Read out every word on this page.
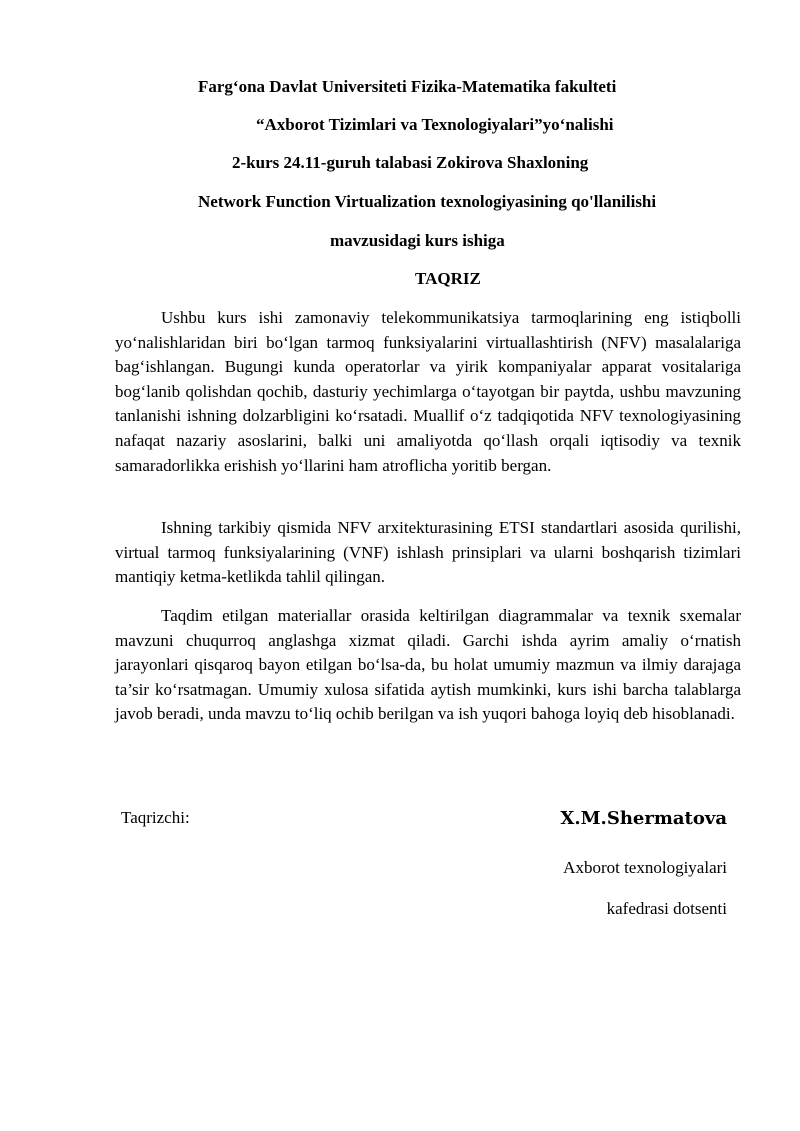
Farg‘ona Davlat Universiteti Fizika-Matematika fakulteti
“Axborot Tizimlari va Texnologiyalari”yo‘nalishi
2-kurs 24.11-guruh talabasi Zokirova Shaxloning
Network Function Virtualization texnologiyasining qo'llanilishi
mavzusidagi kurs ishiga
TAQRIZ

Ushbu kurs ishi zamonaviy telekommunikatsiya tarmoqlarining eng istiqbolli yo‘nalishlaridan biri bo‘lgan tarmoq funksiyalarini virtuallashtirish (NFV) masalalariga bag‘ishlangan. Bugungi kunda operatorlar va yirik kompaniyalar apparat vositalariga bog‘lanib qolishdan qochib, dasturiy yechimlarga o‘tayotgan bir paytda, ushbu mavzuning tanlanishi ishning dolzarbligini ko‘rsatadi. Muallif o‘z tadqiqotida NFV texnologiyasining nafaqat nazariy asoslarini, balki uni amaliyotda qo‘llash orqali iqtisodiy va texnik samaradorlikka erishish yo‘llarini ham atroflicha yoritib bergan.

Ishning tarkibiy qismida NFV arxitekturasining ETSI standartlari asosida qurilishi, virtual tarmoq funksiyalarining (VNF) ishlash prinsiplari va ularni boshqarish tizimlari mantiqiy ketma-ketlikda tahlil qilingan.

Taqdim etilgan materiallar orasida keltirilgan diagrammalar va texnik sxemalar mavzuni chuqurroq anglashga xizmat qiladi. Garchi ishda ayrim amaliy o‘rnatish jarayonlari qisqaroq bayon etilgan bo‘lsa-da, bu holat umumiy mazmun va ilmiy darajaga ta’sir ko‘rsatmagan. Umumiy xulosa sifatida aytish mumkinki, kurs ishi barcha talablarga javob beradi, unda mavzu to‘liq ochib berilgan va ish yuqori bahoga loyiq deb hisoblanadi.

Taqrizchi:	X.M.Shermatova
Axborot texnologiyalari
kafedrasi dotsenti
